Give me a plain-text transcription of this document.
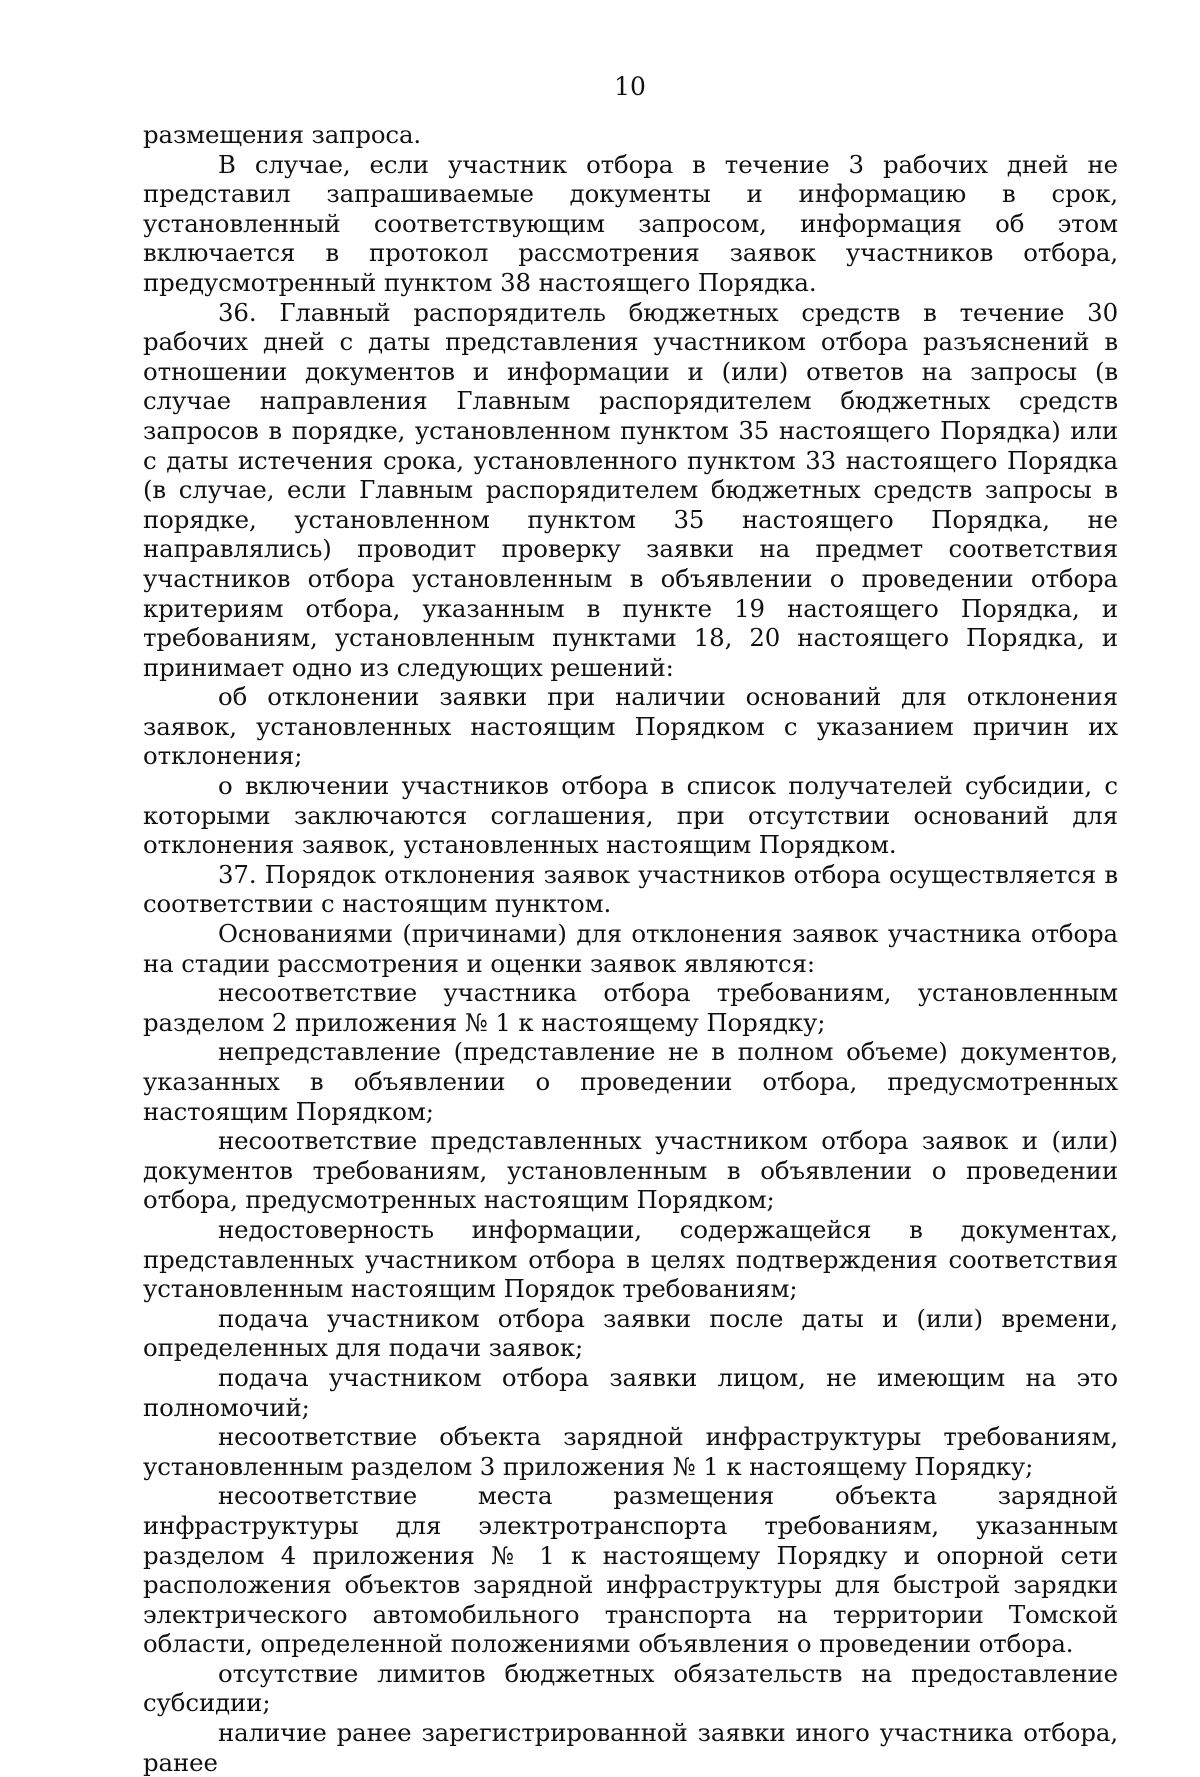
10

размещения запроса.

В случае, если участник отбора в течение 3 рабочих дней не представил запрашиваемые документы и информацию в срок, установленный соответствующим запросом, информация об этом включается в протокол рассмотрения заявок участников отбора, предусмотренный пунктом 38 настоящего Порядка.

36. Главный распорядитель бюджетных средств в течение 30 рабочих дней с даты представления участником отбора разъяснений в отношении документов и информации и (или) ответов на запросы (в случае направления Главным распорядителем бюджетных средств запросов в порядке, установленном пунктом 35 настоящего Порядка) или с даты истечения срока, установленного пунктом 33 настоящего Порядка (в случае, если Главным распорядителем бюджетных средств запросы в порядке, установленном пунктом 35 настоящего Порядка, не направлялись) проводит проверку заявки на предмет соответствия участников отбора установленным в объявлении о проведении отбора критериям отбора, указанным в пункте 19 настоящего Порядка, и требованиям, установленным пунктами 18, 20 настоящего Порядка, и принимает одно из следующих решений:

об отклонении заявки при наличии оснований для отклонения заявок, установленных настоящим Порядком с указанием причин их отклонения;

о включении участников отбора в список получателей субсидии, с которыми заключаются соглашения, при отсутствии оснований для отклонения заявок, установленных настоящим Порядком.

37. Порядок отклонения заявок участников отбора осуществляется в соответствии с настоящим пунктом.

Основаниями (причинами) для отклонения заявок участника отбора на стадии рассмотрения и оценки заявок являются:

несоответствие участника отбора требованиям, установленным разделом 2 приложения № 1 к настоящему Порядку;

непредставление (представление не в полном объеме) документов, указанных в объявлении о проведении отбора, предусмотренных настоящим Порядком;

несоответствие представленных участником отбора заявок и (или) документов требованиям, установленным в объявлении о проведении отбора, предусмотренных настоящим Порядком;

недостоверность информации, содержащейся в документах, представленных участником отбора в целях подтверждения соответствия установленным настоящим Порядок требованиям;

подача участником отбора заявки после даты и (или) времени, определенных для подачи заявок;

подача участником отбора заявки лицом, не имеющим на это полномочий;

несоответствие объекта зарядной инфраструктуры требованиям, установленным разделом 3 приложения № 1 к настоящему Порядку;

несоответствие места размещения объекта зарядной инфраструктуры для электротранспорта требованиям, указанным разделом 4 приложения № 1 к настоящему Порядку и опорной сети расположения объектов зарядной инфраструктуры для быстрой зарядки электрического автомобильного транспорта на территории Томской области, определенной положениями объявления о проведении отбора.

отсутствие лимитов бюджетных обязательств на предоставление субсидии;

наличие ранее зарегистрированной заявки иного участника отбора, ранее
